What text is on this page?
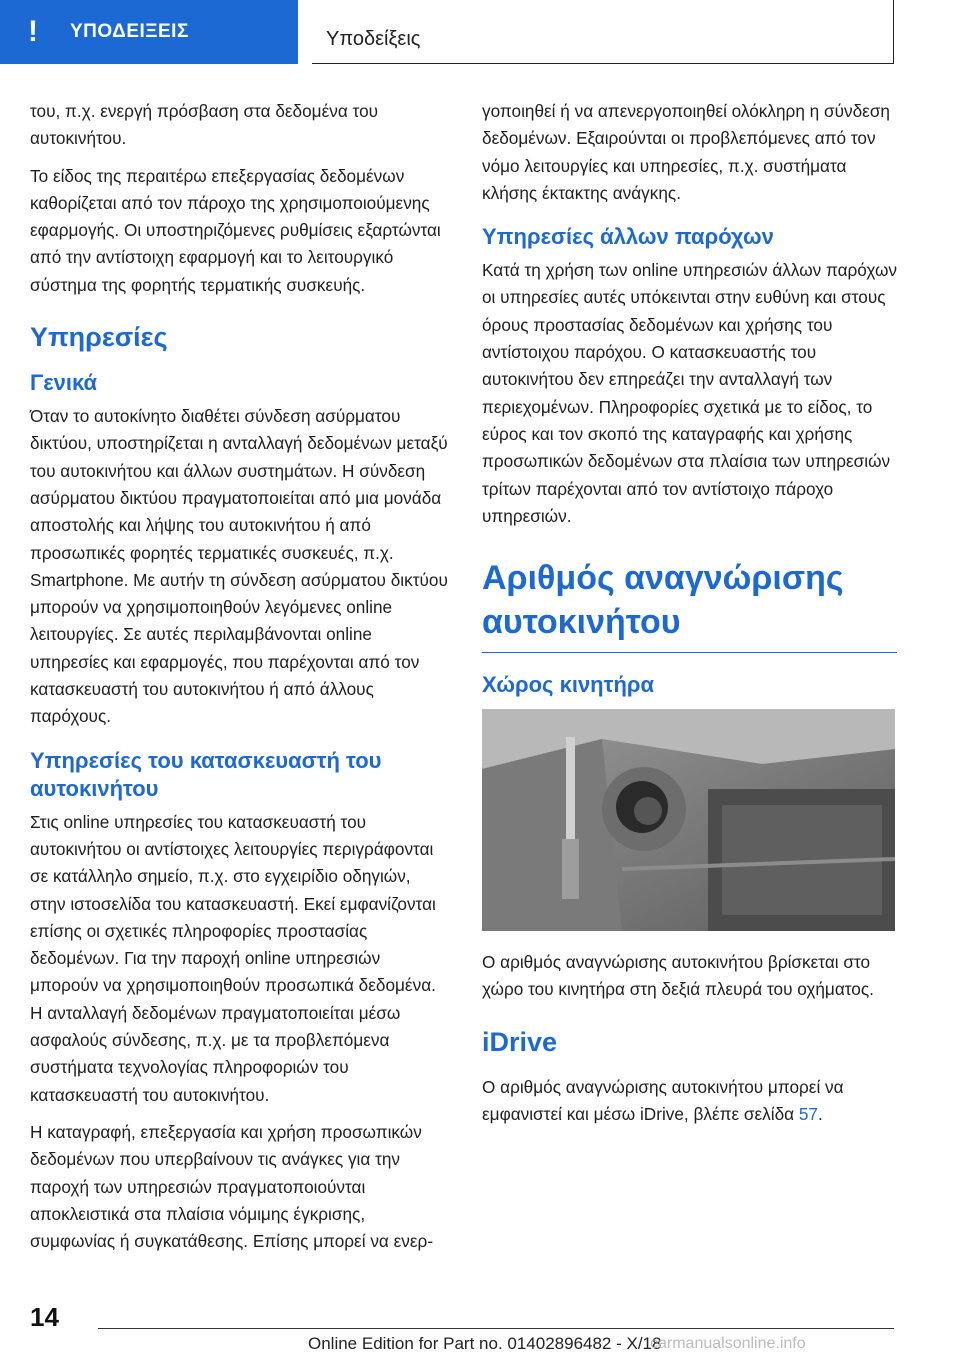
!	ΥΠΟΔΕΙΞΕΙΣ	Υποδείξεις

του, π.χ. ενεργή πρόσβαση στα δεδομένα του αυτοκινήτου.

Το είδος της περαιτέρω επεξεργασίας δεδομένων καθορίζεται από τον πάροχο της χρησιμοποιούμενης εφαρμογής. Οι υποστηριζόμενες ρυθμίσεις εξαρτώνται από την αντίστοιχη εφαρμογή και το λειτουργικό σύστημα της φορητής τερματικής συσκευής.

Υπηρεσίες
Γενικά

Όταν το αυτοκίνητο διαθέτει σύνδεση ασύρματου δικτύου, υποστηρίζεται η ανταλλαγή δεδομένων μεταξύ του αυτοκινήτου και άλλων συστημάτων. Η σύνδεση ασύρματου δικτύου πραγματοποιείται από μια μονάδα αποστολής και λήψης του αυτοκινήτου ή από προσωπικές φορητές τερματικές συσκευές, π.χ. Smartphone. Με αυτήν τη σύνδεση ασύρματου δικτύου μπορούν να χρησιμοποιηθούν λεγόμενες online λειτουργίες. Σε αυτές περιλαμβάνονται online υπηρεσίες και εφαρμογές, που παρέχονται από τον κατασκευαστή του αυτοκινήτου ή από άλλους παρόχους.

Υπηρεσίες του κατασκευαστή του αυτοκινήτου

Στις online υπηρεσίες του κατασκευαστή του αυτοκινήτου οι αντίστοιχες λειτουργίες περιγράφονται σε κατάλληλο σημείο, π.χ. στο εγχειρίδιο οδηγιών, στην ιστοσελίδα του κατασκευαστή. Εκεί εμφανίζονται επίσης οι σχετικές πληροφορίες προστασίας δεδομένων. Για την παροχή online υπηρεσιών μπορούν να χρησιμοποιηθούν προσωπικά δεδομένα. Η ανταλλαγή δεδομένων πραγματοποιείται μέσω ασφαλούς σύνδεσης, π.χ. με τα προβλεπόμενα συστήματα τεχνολογίας πληροφοριών του κατασκευαστή του αυτοκινήτου.

Η καταγραφή, επεξεργασία και χρήση προσωπικών δεδομένων που υπερβαίνουν τις ανάγκες για την παροχή των υπηρεσιών πραγματοποιούνται αποκλειστικά στα πλαίσια νόμιμης έγκρισης, συμφωνίας ή συγκατάθεσης. Επίσης μπορεί να ενερ-

γοποιηθεί ή να απενεργοποιηθεί ολόκληρη η σύνδεση δεδομένων. Εξαιρούνται οι προβλεπόμενες από τον νόμο λειτουργίες και υπηρεσίες, π.χ. συστήματα κλήσης έκτακτης ανάγκης.

Υπηρεσίες άλλων παρόχων

Κατά τη χρήση των online υπηρεσιών άλλων παρόχων οι υπηρεσίες αυτές υπόκεινται στην ευθύνη και στους όρους προστασίας δεδομένων και χρήσης του αντίστοιχου παρόχου. Ο κατασκευαστής του αυτοκινήτου δεν επηρεάζει την ανταλλαγή των περιεχομένων. Πληροφορίες σχετικά με το είδος, το εύρος και τον σκοπό της καταγραφής και χρήσης προσωπικών δεδομένων στα πλαίσια των υπηρεσιών τρίτων παρέχονται από τον αντίστοιχο πάροχο υπηρεσιών.

Αριθμός αναγνώρισης αυτοκινήτου
Χώρος κινητήρα

Ο αριθμός αναγνώρισης αυτοκινήτου βρίσκεται στο χώρο του κινητήρα στη δεξιά πλευρά του οχήματος.

iDrive

Ο αριθμός αναγνώρισης αυτοκινήτου μπορεί να εμφανιστεί και μέσω iDrive, βλέπε σελίδα 57.

14
Online Edition for Part no. 01402896482 - X/18
carmanualsonline.info
